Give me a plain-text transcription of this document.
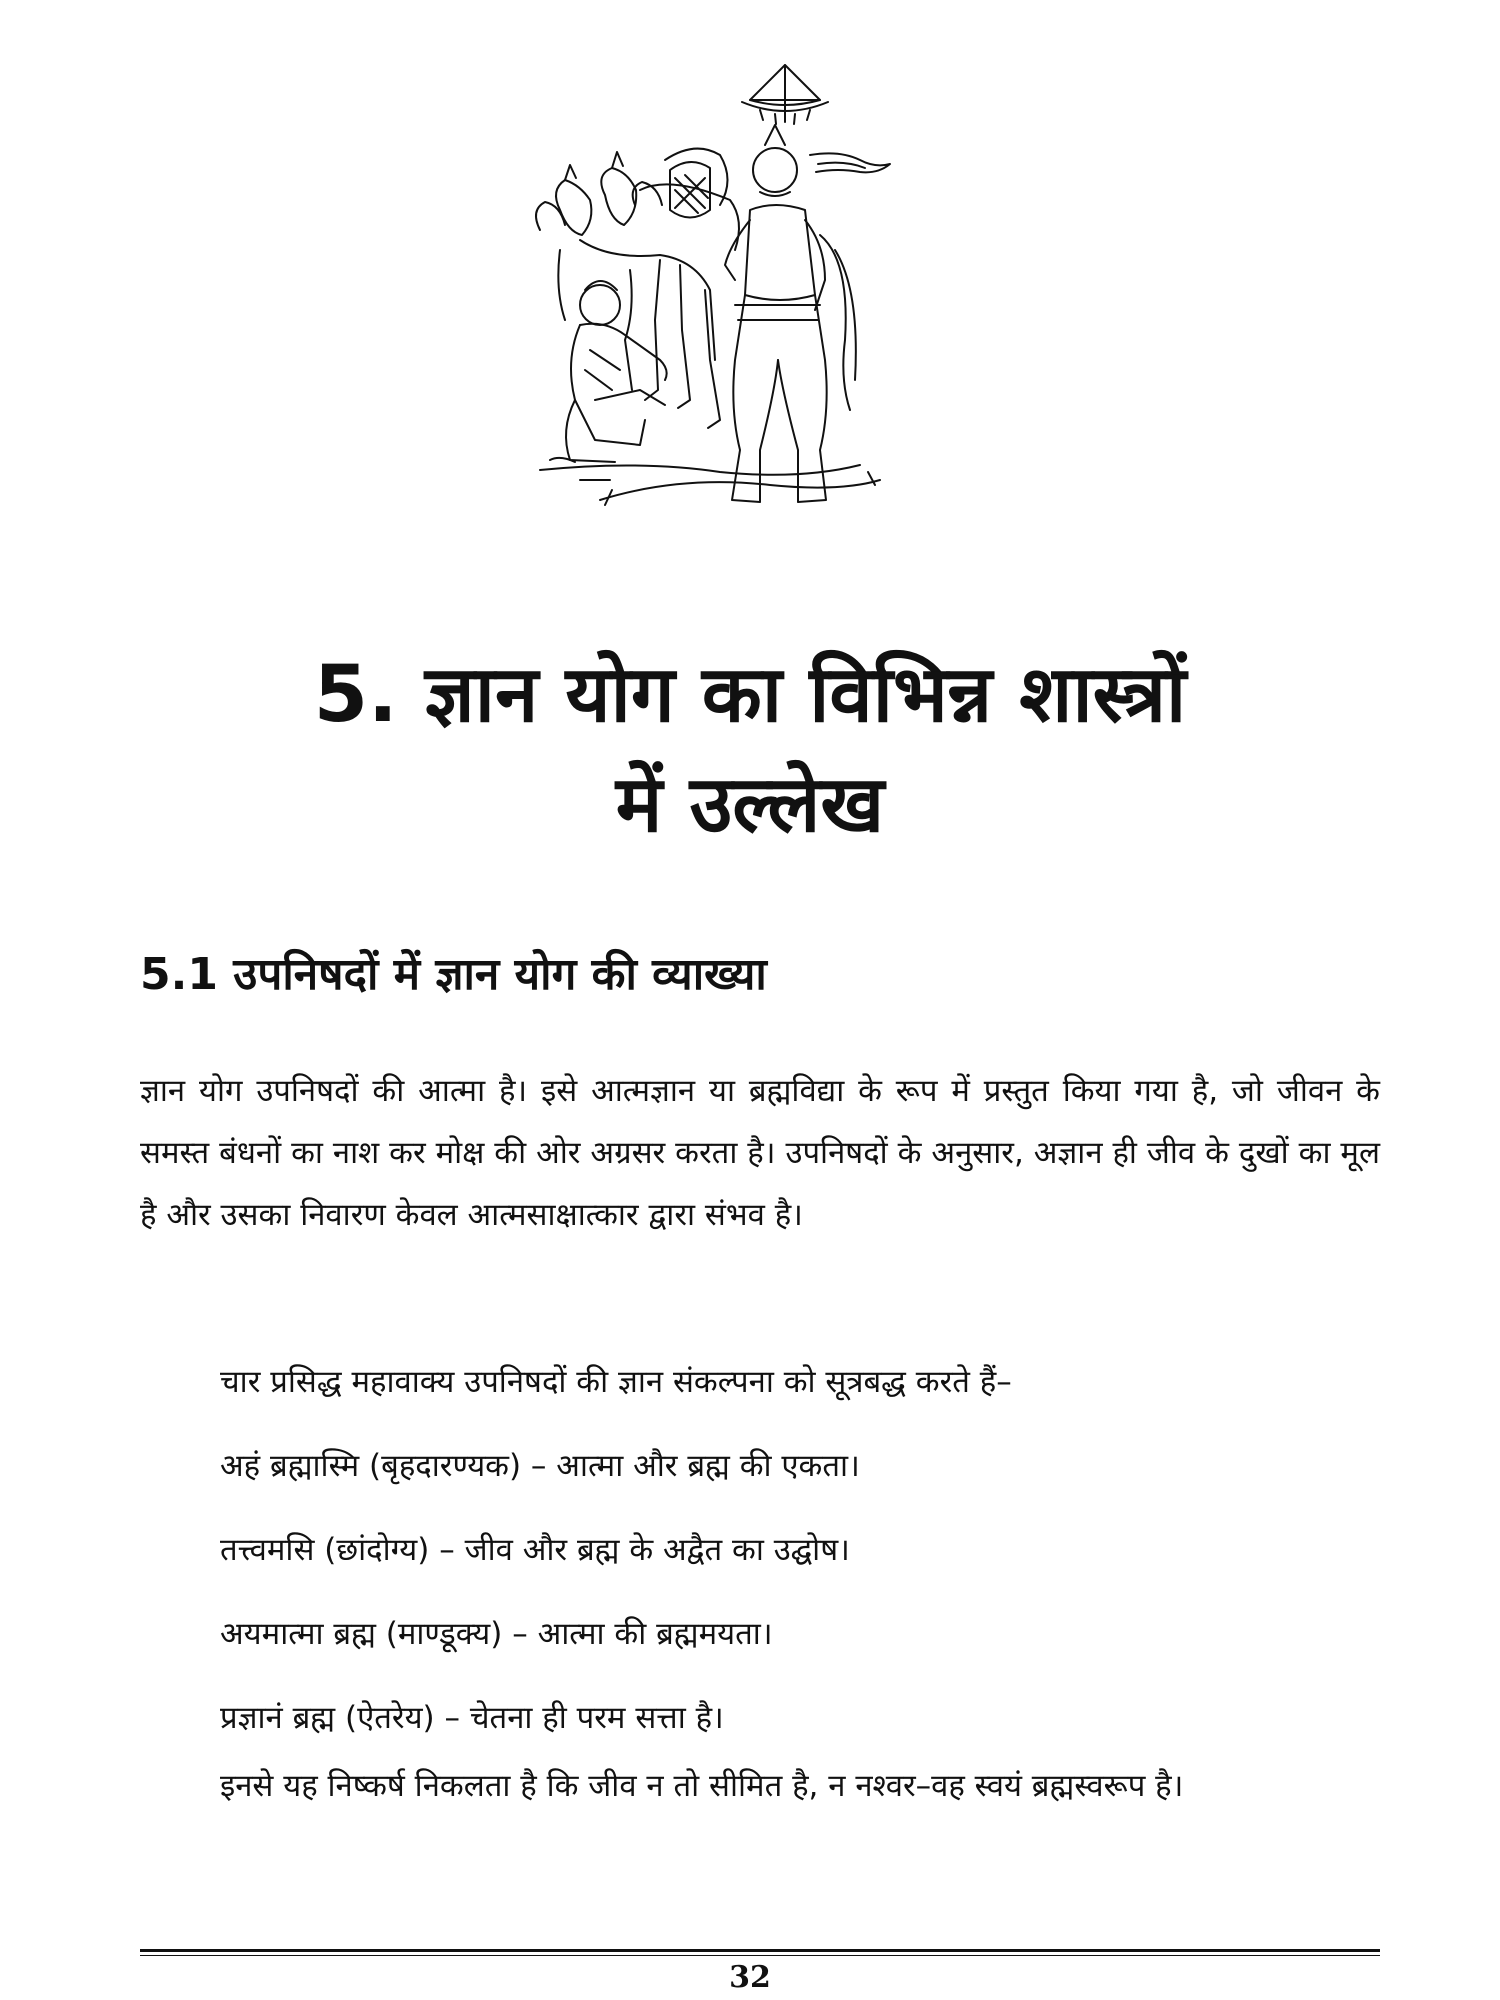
5. ज्ञान योग का विभिन्न शास्त्रों
में उल्लेख
5.1 उपनिषदों में ज्ञान योग की व्याख्या

ज्ञान योग उपनिषदों की आत्मा है। इसे आत्मज्ञान या ब्रह्मविद्या के रूप में प्रस्तुत किया गया है, जो जीवन के समस्त बंधनों का नाश कर मोक्ष की ओर अग्रसर करता है। उपनिषदों के अनुसार, अज्ञान ही जीव के दुखों का मूल है और उसका निवारण केवल आत्मसाक्षात्कार द्वारा संभव है।

चार प्रसिद्ध महावाक्य उपनिषदों की ज्ञान संकल्पना को सूत्रबद्ध करते हैं–
अहं ब्रह्मास्मि (बृहदारण्यक) – आत्मा और ब्रह्म की एकता।
तत्त्वमसि (छांदोग्य) – जीव और ब्रह्म के अद्वैत का उद्घोष।
अयमात्मा ब्रह्म (माण्डूक्य) – आत्मा की ब्रह्ममयता।
प्रज्ञानं ब्रह्म (ऐतरेय) – चेतना ही परम सत्ता है।

इनसे यह निष्कर्ष निकलता है कि जीव न तो सीमित है, न नश्वर–वह स्वयं ब्रह्मस्वरूप है।

32
